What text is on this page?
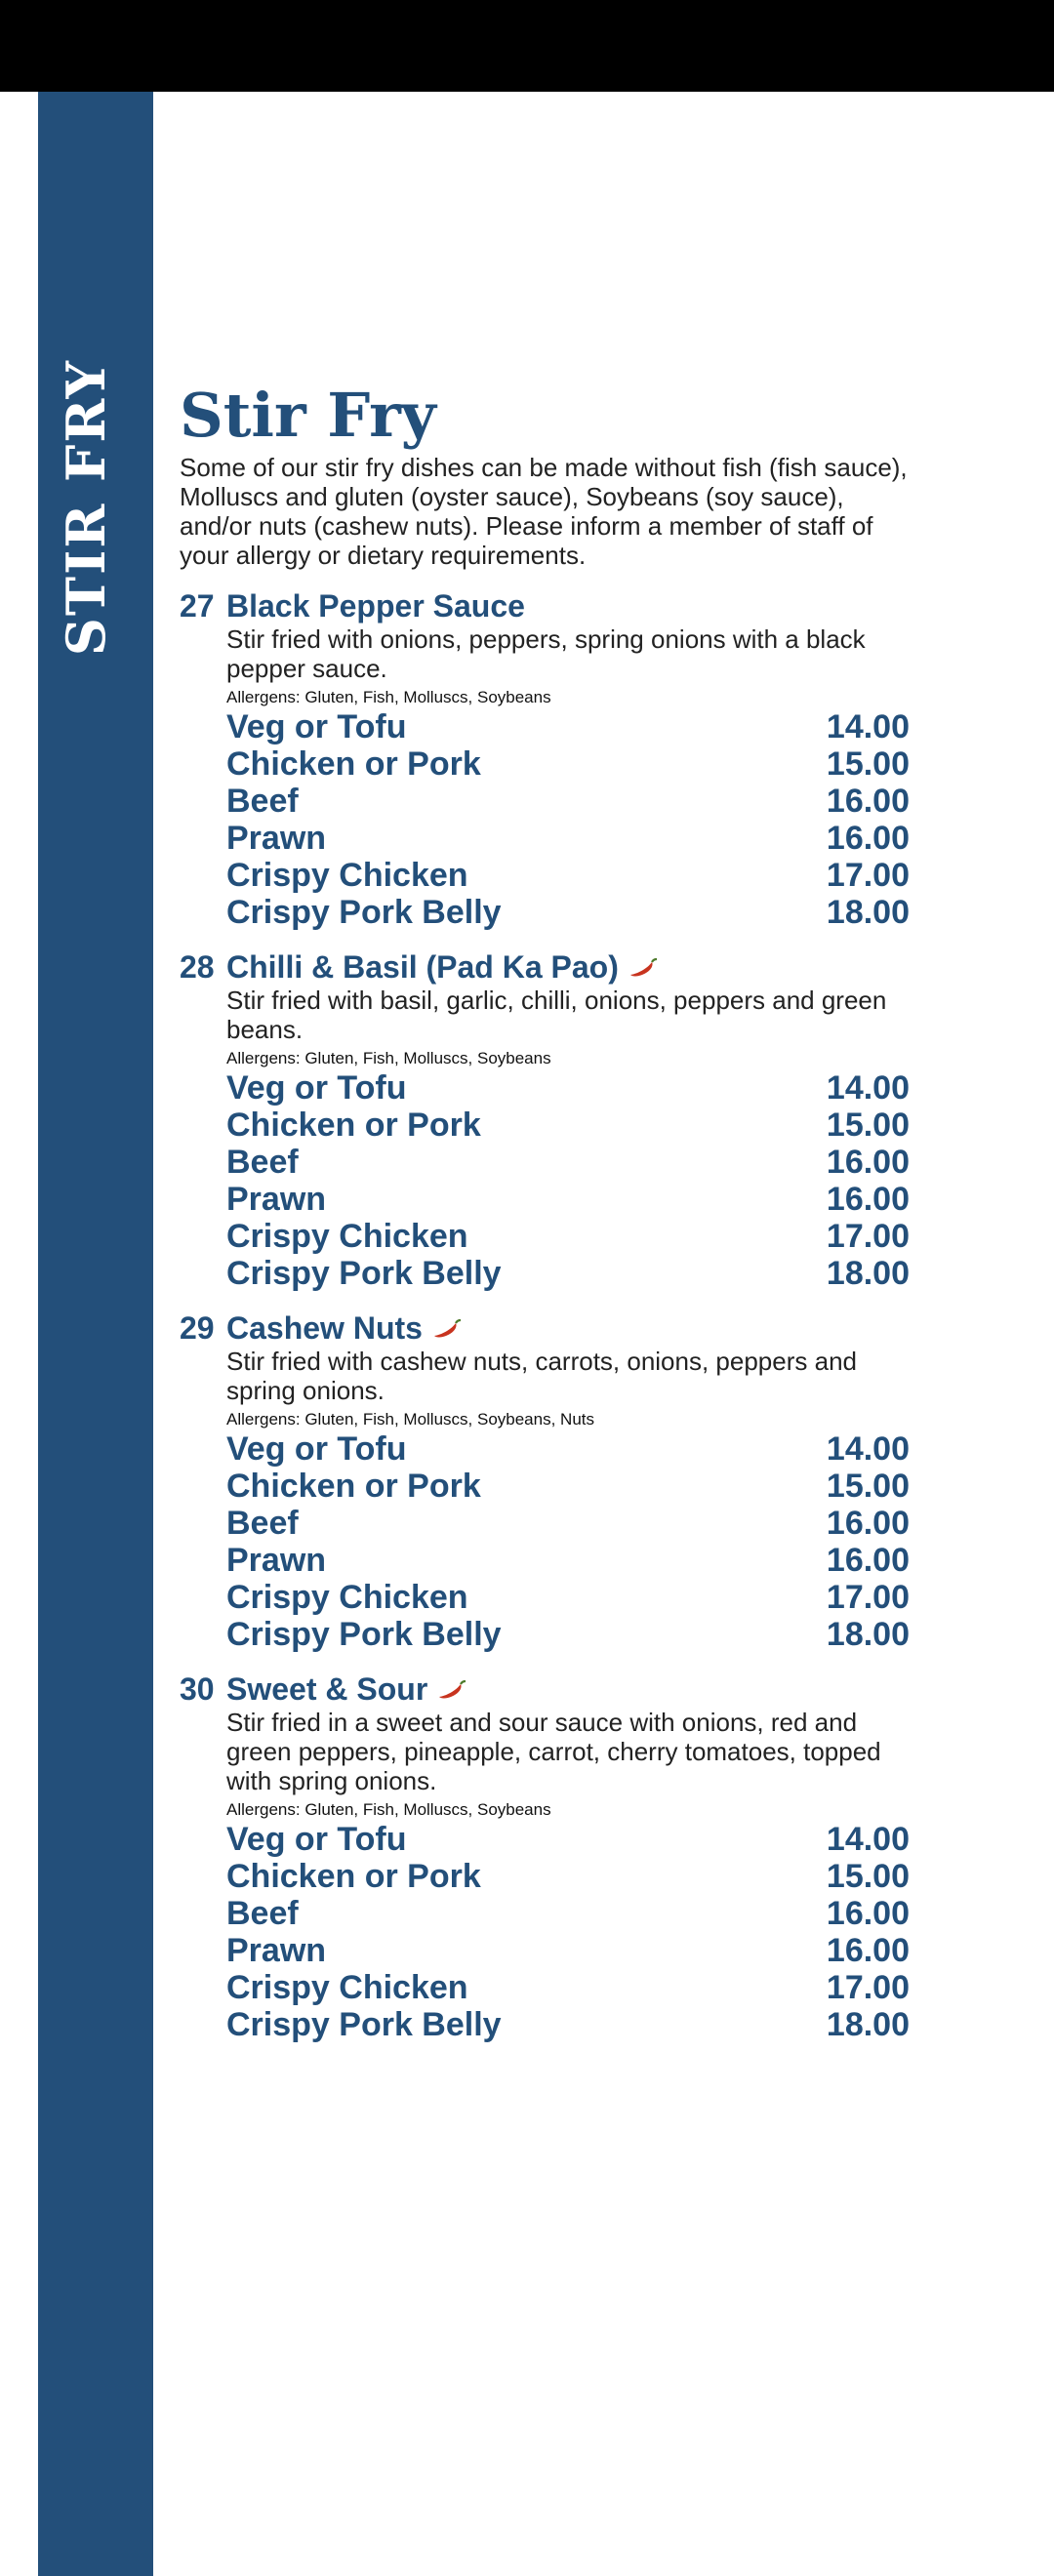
STIR FRY Stir Fry

Some of our stir fry dishes can be made without fish (fish sauce), Molluscs and gluten (oyster sauce), Soybeans (soy sauce), and/or nuts (cashew nuts). Please inform a member of staff of your allergy or dietary requirements.

27 Black Pepper Sauce

Stir fried with onions, peppers, spring onions with a black pepper sauce.

Allergens: Gluten, Fish, Molluscs, Soybeans
Veg or Tofu	14.00
Chicken or Pork	15.00
Beef	16.00
Prawn	16.00
Crispy Chicken	17.00
Crispy Pork Belly	18.00
28 Chilli & Basil (Pad Ka Pao)

Stir fried with basil, garlic, chilli, onions, peppers and green beans.

Allergens: Gluten, Fish, Molluscs, Soybeans
Veg or Tofu	14.00
Chicken or Pork	15.00
Beef	16.00
Prawn	16.00
Crispy Chicken	17.00
Crispy Pork Belly	18.00
29 Cashew Nuts

Stir fried with cashew nuts, carrots, onions, peppers and spring onions.

Allergens: Gluten, Fish, Molluscs, Soybeans, Nuts
Veg or Tofu	14.00
Chicken or Pork	15.00
Beef	16.00
Prawn	16.00
Crispy Chicken	17.00
Crispy Pork Belly	18.00
30 Sweet & Sour

Stir fried in a sweet and sour sauce with onions, red and green peppers, pineapple, carrot, cherry tomatoes, topped with spring onions.

Allergens: Gluten, Fish, Molluscs, Soybeans
Veg or Tofu	14.00
Chicken or Pork	15.00
Beef	16.00
Prawn	16.00
Crispy Chicken	17.00
Crispy Pork Belly	18.00
